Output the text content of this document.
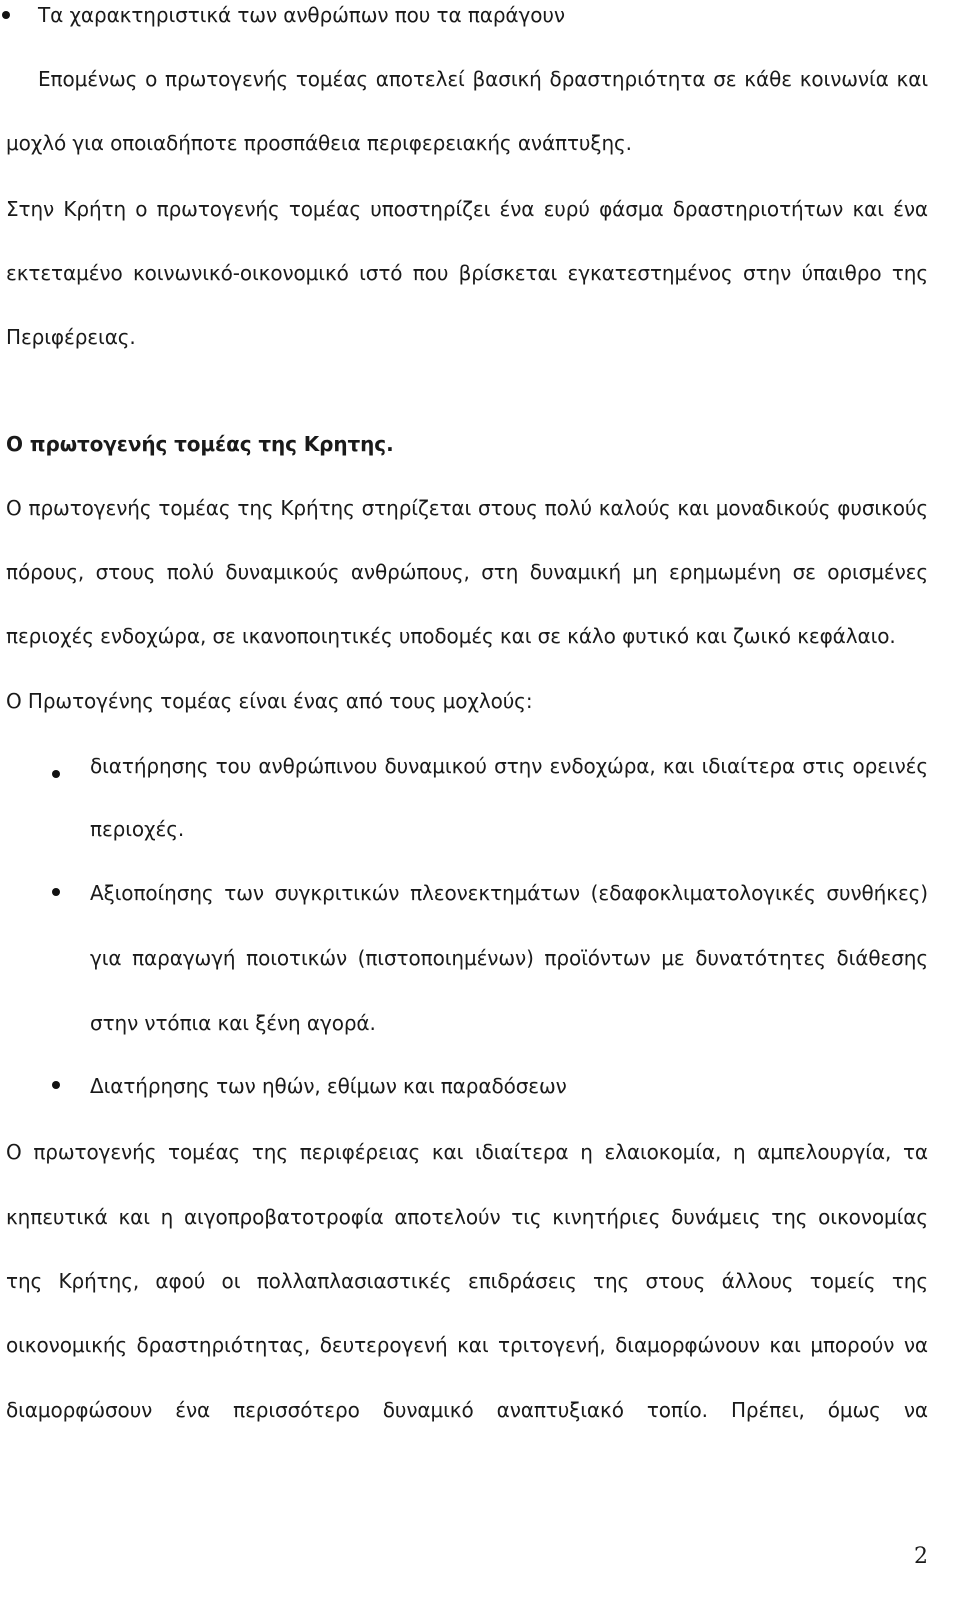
Τα χαρακτηριστικά των ανθρώπων που τα παράγουν
Επομένως ο πρωτογενής τομέας αποτελεί βασική δραστηριότητα σε κάθε κοινωνία και
μοχλό για οποιαδήποτε προσπάθεια περιφερειακής ανάπτυξης.
Στην Κρήτη ο πρωτογενής τομέας υποστηρίζει ένα ευρύ φάσμα δραστηριοτήτων και ένα
εκτεταμένο κοινωνικό-οικονομικό ιστό που βρίσκεται εγκατεστημένος στην ύπαιθρο της
Περιφέρειας.
Ο πρωτογενής τομέας της Κρητης.
Ο πρωτογενής τομέας της Κρήτης στηρίζεται στους πολύ καλούς και μοναδικούς φυσικούς
πόρους, στους πολύ δυναμικούς ανθρώπους, στη δυναμική μη ερημωμένη σε ορισμένες
περιοχές ενδοχώρα, σε ικανοποιητικές υποδομές και σε κάλο φυτικό και ζωικό κεφάλαιο.
Ο Πρωτογένης τομέας είναι ένας από τους μοχλούς:
διατήρησης του ανθρώπινου δυναμικού στην ενδοχώρα, και ιδιαίτερα στις ορεινές
περιοχές.
Αξιοποίησης των συγκριτικών πλεονεκτημάτων (εδαφοκλιματολογικές συνθήκες)
για παραγωγή ποιοτικών (πιστοποιημένων) προϊόντων με δυνατότητες διάθεσης
στην ντόπια και ξένη αγορά.
Διατήρησης των ηθών, εθίμων και παραδόσεων
Ο πρωτογενής τομέας της περιφέρειας και ιδιαίτερα η ελαιοκομία, η αμπελουργία, τα
κηπευτικά και η αιγοπροβατοτροφία αποτελούν τις κινητήριες δυνάμεις της οικονομίας
της Κρήτης, αφού οι πολλαπλασιαστικές επιδράσεις της στους άλλους τομείς της
οικονομικής δραστηριότητας, δευτερογενή και τριτογενή, διαμορφώνουν και μπορούν να
διαμορφώσουν ένα περισσότερο δυναμικό αναπτυξιακό τοπίο. Πρέπει, όμως να
2
